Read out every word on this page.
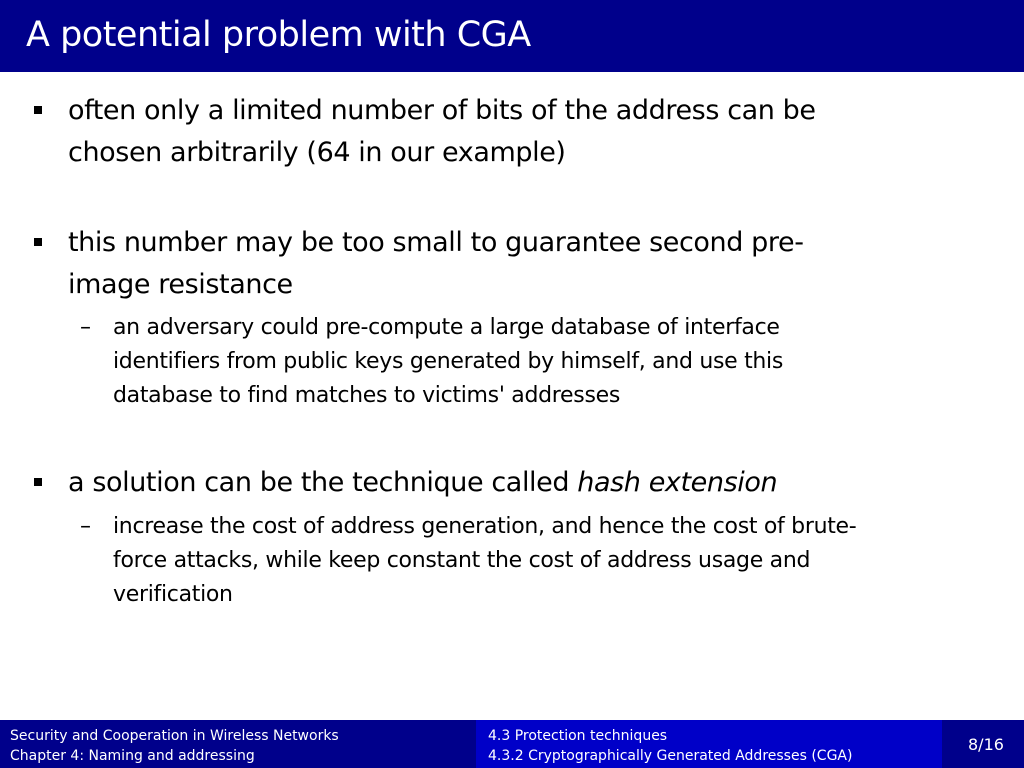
A potential problem with CGA
often only a limited number of bits of the address can be
chosen arbitrarily (64 in our example)
this number may be too small to guarantee second pre-
image resistance
– an adversary could pre-compute a large database of interface
identifiers from public keys generated by himself, and use this
database to find matches to victims' addresses
a solution can be the technique called hash extension
– increase the cost of address generation, and hence the cost of brute-
force attacks, while keep constant the cost of address usage and
verification
Security and Cooperation in Wireless Networks
Chapter 4: Naming and addressing
4.3 Protection techniques
4.3.2 Cryptographically Generated Addresses (CGA)
8/16
